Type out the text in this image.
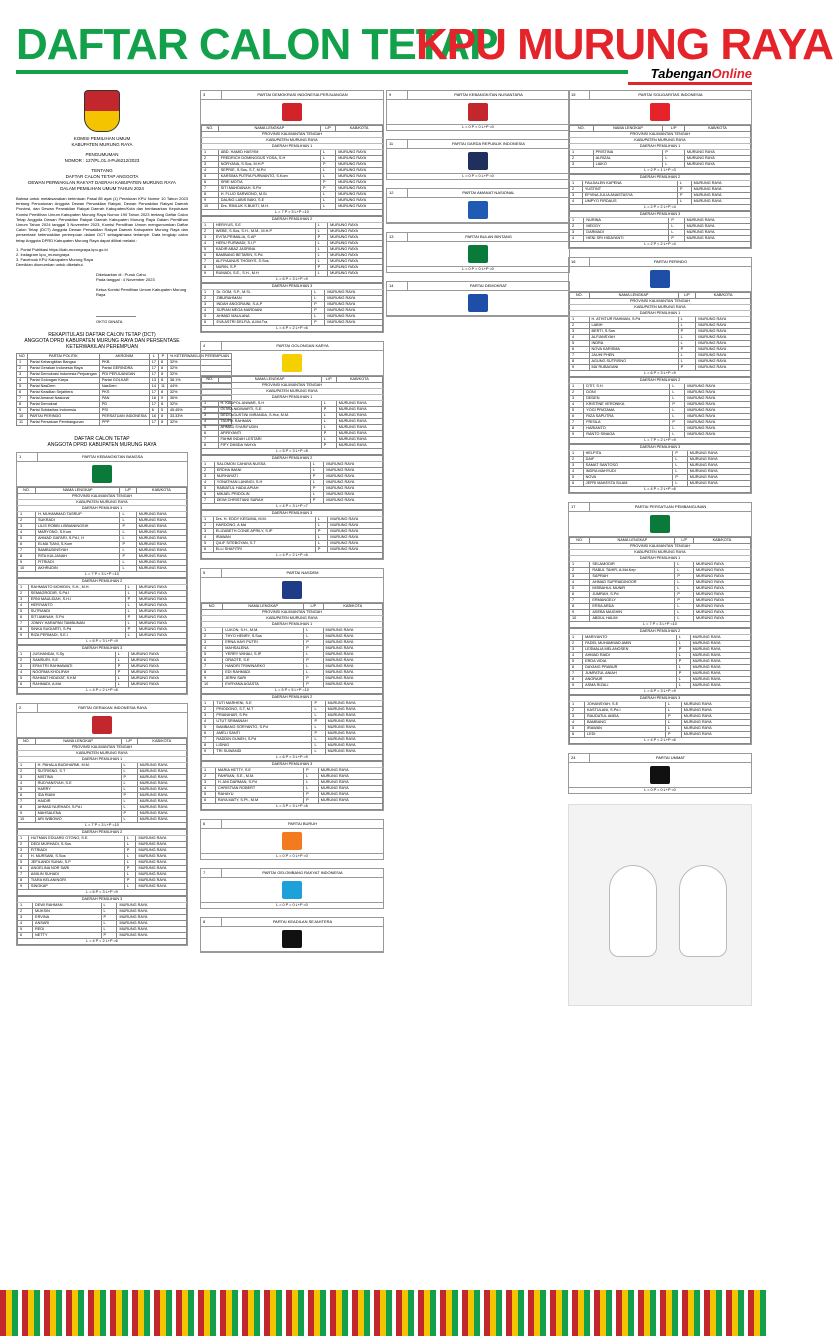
DAFTAR CALON TETAP
KPU MURUNG RAYA
TabenganOnline
KOMISI PEMILIHAN UMUM
KABUPATEN MURUNG RAYA
PENGUMUMAN
NOMOR : 127/PL.01.4-Pu/6212/2023
TENTANG
DAFTAR CALON TETAP ANGGOTA
DEWAN PERWAKILAN RAKYAT DAERAH KABUPATEN MURUNG RAYA
DALAM PEMILIHAN UMUM TAHUN 2024
Bahwa untuk melaksanakan ketentuan Pasal 85 ayat (1) Peraturan KPU Nomor 10 Tahun 2023 tentang Pencalonan Anggota Dewan Perwakilan Rakyat, Dewan Perwakilan Rakyat Daerah Provinsi, dan Dewan Perwakilan Rakyat Daerah Kabupaten/Kota dan berdasarkan Keputusan Komisi Pemilihan Umum Kabupaten Murung Raya Nomor 190 Tahun 2023 tentang Daftar Calon Tetap Anggota Dewan Perwakilan Rakyat Daerah Kabupaten Murung Raya Dalam Pemilihan Umum Tahun 2024 tanggal 3 November 2023, Komisi Pemilihan Umum mengumumkan Daftar Calon Tetap (DCT) Anggota Dewan Perwakilan Rakyat Daerah Kabupaten Murung Raya dan persentase keterwakilan perempuan dalam DCT sebagaimana terlampir. Data lengkap calon tetap Anggota DPRD Kabupaten Murung Raya dapat dilihat melalui :
1. Portal Publikasi https://kab-murungraya.kpu.go.id
2. Instagram kpu_murungraya
3. Facebook KPU Kabupaten Murung Raya
Demikian diumumkan untuk diketahui.
Dikeluarkan di : Puruk Cahu
Pada tanggal : 4 November 2023
Ketua Komisi Pemilihan Umum Kabupaten Murung Raya
OKTO DINATA
REKAPITULASI DAFTAR CALON TETAP (DCT)
ANGGOTA DPRD KABUPATEN MURUNG RAYA DAN PERSENTASE KETERWAKILAN PEREMPUAN
NO	PARTAI POLITIK	AKRONIM	L	P	% KETERWAKILAN PEREMPUAN
1	Partai Kebangkitan Bangsa	PKB	17	8	32%
2	Partai Gerakan Indonesia Raya	Partai GERINDRA	17	8	32%
3	Partai Demokrasi Indonesia Perjuangan	PDI PERJUANGAN	17	8	32%
4	Partai Golongan Karya	Partai GOLKAR	13	8	38.1%
5	Partai NasDem	NasDem	14	11	44%
6	Partai Keadilan Sejahtera	PKS	17	8	32%
7	Partai Amanat Nasional	PAN	16	9	36%
8	Partai Demokrat	PD	17	8	32%
9	Partai Solidaritas Indonesia	PSI	6	5	45.45%
10	PARTAI PERINDO	PERSATUAN INDONESIA	16	8	33.33%
11	Partai Persatuan Pembangunan	PPP	17	8	32%
DAFTAR CALON TETAP
ANGGOTA DPRD KABUPATEN MURUNG RAYA
1	PARTAI KEBANGKITAN BANGSA
NO.	NAMA LENGKAP	L/P	KAB/KOTA
PROVINSI KALIMANTAN TENGAH			
KABUPATEN MURUNG RAYA			
DAERAH PEMILIHAN 1			
1	H. MUHAMMAD TASRUP	L	MURUNG RAYA
2	SUKRADI	L	MURUNG RAYA
3	LILIS ROBBI LISBIANINGSIH	P	MURUNG RAYA
4	MARYONO, S.Kom	L	MURUNG RAYA
5	AHMAD GAFARI, S.Pd.I, H	L	MURUNG RAYA
6	ELMA TIANI, S.Kom	P	MURUNG RAYA
7	BAMBUDINSYAH	L	MURUNG RAYA
8	RITA KULJANAH	P	MURUNG RAYA
9	FITRIADI	L	MURUNG RAYA
10	AKHRUDIN	L	MURUNG RAYA
L = 7 P = 3 L+P =10			
DAERAH PEMILIHAN 2			
1	RAHMANTO MOHIDIN, S.H., M.H.	L	MURUNG RAYA
2	SEMAGRODIR, S.Pd.I	L	MURUNG RAYA
3	ERNI MAULIDAH, S.H.I	P	MURUNG RAYA
4	HERIYANTO	L	MURUNG RAYA
5	SUTRANDI	L	MURUNG RAYA
6	SITI AMINAH, S.Pd	P	MURUNG RAYA
7	JONNY HARAPAN TAMBUNAN	L	MURUNG RAYA
8	SINKA SUGIARTI, S.Pd	P	MURUNG RAYA
9	RIZA PERMADI, S.E.I	L	MURUNG RAYA
L = 6 P = 3 L+P =9			
DAERAH PEMILIHAN 3			
1	JUSHANDAI, S.Sy	L	MURUNG RAYA
2	SAMSURI, S.E	L	MURUNG RAYA
3	ERNI TRI RAHMAWATI	P	MURUNG RAYA
4	NOORMA KHOLIFAH	P	MURUNG RAYA
5	RAHMAT HIDAYAT, S.KM	L	MURUNG RAYA
6	RAHMADI, A.Md	L	MURUNG RAYA
L = 4 P = 2 L+P =6			
2	PARTAI GERAKAN INDONESIA RAYA
NO.	NAMA LENGKAP	L/P	KAB/KOTA
PROVINSI KALIMANTAN TENGAH			
KABUPATEN MURUNG RAYA			
DAERAH PEMILIHAN 1			
1	H. PAHALA BUDIHARMI, M.M.	L	MURUNG RAYA
2	SUTRISNO, S.T	L	MURUNG RAYA
3	MISTINA	P	MURUNG RAYA
4	RUDYANSYAH, S.E	L	MURUNG RAYA
5	HARRY	L	MURUNG RAYA
6	IDA RIANI	P	MURUNG RAYA
7	HAIDIR	L	MURUNG RAYA
8	AHMAD NURHADI, S.Pd.I	L	MURUNG RAYA
9	MAHSALENA	P	MURUNG RAYA
10	ARI WIBOWO	L	MURUNG RAYA
L = 7 P = 3 L+P =10			
DAERAH PEMILIHAN 2			
1	HUTMAN EDUARD OTONG, S.E.	L	MURUNG RAYA
2	DEDI MURHADI, S.Sos	L	MURUNG RAYA
3	FITRIADI	P	MURUNG RAYA
4	H. MURSANI, S.Sos	L	MURUNG RAYA
5	JEFILANDI SUNAI, S.P	L	MURUNG RAYA
6	ANGELINA NOR SARI	P	MURUNG RAYA
7	AMILIN SUHADI	L	MURUNG RAYA
8	TIARA KELANINGRI	P	MURUNG RAYA
9	SINGKAP	L	MURUNG RAYA
L = 6 P = 3 L+P =9			
DAERAH PEMILIHAN 3			
1	DEWI RAHMAN	L	MURUNG RAYA
2	MUKSIN	L	MURUNG RAYA
3	ERVINA	P	MURUNG RAYA
4	ANSARI	L	MURUNG RAYA
5	REDI	L	MURUNG RAYA
6	NETTY	P	MURUNG RAYA
L = 4 P = 2 L+P =6			
3	PARTAI DEMOKRASI INDONESIA PERJUANGAN
NO.	NAMA LENGKAP	L/P	KAB/KOTA
PROVINSI KALIMANTAN TENGAH			
KABUPATEN MURUNG RAYA			
DAERAH PEMILIHAN 1			
1	ABD. HAMID HASYIM	L	MURUNG RAYA
2	FREDRICH DOMINGGUS YOSA, S.H	L	MURUNG RAYA
3	NORYANA, S.Sos, M.H.P	P	MURUNG RAYA
4	SEPRIE, S.Sos, S.T, M.Pd	L	MURUNG RAYA
5	KARSIMA PUTRA PURWANTO, S.Kom	L	MURUNG RAYA
6	SRIE MOTIA	P	MURUNG RAYA
7	SITI MAHDANAH, S.Pd	P	MURUNG RAYA
8	H. FLUO SARWONO, M.Si.	L	MURUNG RAYA
9	DAUNG LABIS BAKI, S.E	L	MURUNG RAYA
10	Drs. RIMLUK S.BUKTI, M.H.	L	MURUNG RAYA
L = 7 P = 3 L+P =10			
DAERAH PEMILIHAN 2			
1	HERIYUS, S.E	L	MURUNG RAYA
2	WEBE, S.Sos, S.H., M.M., M.H.P	L	MURUNG RAYA
3	EVITA PRIMALIA, S.AP	P	MURUNG RAYA
4	HERU PURWADI, S.I.P	L	MURUNG RAYA
5	KADIR ABAZ JASRINA	L	MURUNG RAYA
6	BAMBANG BETARIN, S.Pd.	L	MURUNG RAYA
7	ALFIYAANUS THOMYS, S.Sos	L	MURUNG RAYA
8	NURIN, S.P	P	MURUNG RAYA
9	RUMADI, S.E., S.H., M.H	L	MURUNG RAYA
L = 6 P = 3 L+P =9			
DAERAH PEMILIHAN 3			
1	Dr. DOM, S.P., M.Si.	L	MURUNG RAYA
2	ZIBURAHMAN	L	MURUNG RAYA
3	INDAH ANGGRAINI, S.A.P	P	MURUNG RAYA
4	SUPIAN MEGA MARDIANI	P	MURUNG RAYA
5	AHMAD MAULANA	L	MURUNG RAYA
6	EVA ASTRI DELFIA, A.Md.Tra	P	MURUNG RAYA
L = 4 P = 2 L+P =6			
4	PARTAI GOLONGAN KARYA
NO.	NAMA LENGKAP	L/P	KAB/KOTA
PROVINSI KALIMANTAN TENGAH			
KABUPATEN MURUNG RAYA			
DAERAH PEMILIHAN 1			
1	H. KAOPOL ANWAR, S.H	L	MURUNG RAYA
2	OLIVIA NIDIWARTI, S.E.	P	MURUNG RAYA
3	DEDI AGUSTINI MIRANDA, S.Hut, M.M.	L	MURUNG RAYA
4	TAUFIK RAHMAN	L	MURUNG RAYA
5	AHMAD SYARIFUDIN	L	MURUNG RAYA
6	AFIRIYANTI	P	MURUNG RAYA
7	FAHMI INDAH LESTARI	L	MURUNG RAYA
8	FIFY DIMIDA YAHYA	P	MURUNG RAYA
L = 5 P = 3 L+P =8			
DAERAH PEMILIHAN 2			
1	SALOMON CAHAYA NUSSA	L	MURUNG RAYA
2	ERDHA IMANI	L	MURUNG RAYA
3	NURHAYATI	P	MURUNG RAYA
4	YONATHAN LANINGI, S.H	L	MURUNG RAYA
5	RABIATUL HADA APIAH	P	MURUNG RAYA
6	MIKAEL PRIDOLIN	L	MURUNG RAYA
7	DEWI CHRISTIANI SARAH	P	MURUNG RAYA
L = 4 P = 3 L+P =7			
DAERAH PEMILIHAN 3			
1	Drs. H. EDDY KESUMA, M.M.	L	MURUNG RAYA
2	HARDONO, A.Md	L	MURUNG RAYA
3	ELIZABETH CONIE APRILY, S.IP	P	MURUNG RAYA
4	IRAWAN	L	MURUNG RAYA
5	QILIF SITEBOYAN, S.T	L	MURUNG RAYA
6	ELLI SHAFITRI	P	MURUNG RAYA
L = 4 P = 2 L+P =6			
5	PARTAI NASDEM
NO.	NAMA LENGKAP	L/P	KAB/KOTA
PROVINSI KALIMANTAN TENGAH			
KABUPATEN MURUNG RAYA			
DAERAH PEMILIHAN 1			
1	LUKON, S.H., M.M.	L	MURUNG RAYA
2	THYO HENRY, S.Sos	L	MURUNG RAYA
3	ERNA HAYI PUTRI	P	MURUNG RAYA
4	MAHSALENA	P	MURUNG RAYA
5	YERRY WIHAU, S.IP	L	MURUNG RAYA
6	ORAOTE, S.E	P	MURUNG RAYA
7	HANDRI TRIWINARKO	L	MURUNG RAYA
8	EDI RAHMADI	L	MURUNG RAYA
9	JERNI SARI	P	MURUNG RAYA
10	EVRYANA AGASTA	P	MURUNG RAYA
L = 5 P = 5 L+P =10			
DAERAH PEMILIHAN 2			
1	TUTI MARHENI, S.E	P	MURUNG RAYA
2	PRIODONO, S.T, M.T	L	MURUNG RAYA
3	PRIANIHAR, S.Pd	L	MURUNG RAYA
4	UTUT SRIMANAH	P	MURUNG RAYA
5	BAMBANG SORYANTO, S.Pd	L	MURUNG RAYA
6	AMELI SANTI	P	MURUNG RAYA
7	RADDIN GUNEH, S.Pd	L	MURUNG RAYA
8	LIDNIG	L	MURUNG RAYA
9	TRI SUWANDI	L	MURUNG RAYA
L = 6 P = 3 L+P =9			
DAERAH PEMILIHAN 3			
1	MARIA HETTY, S.E	P	MURUNG RAYA
2	FAHRIAN, S.E., M.M.	L	MURUNG RAYA
3	H. ANI DARMAN, S.Pd	L	MURUNG RAYA
4	CHRISTIAN ROBERT	L	MURUNG RAYA
5	RAHAYU	P	MURUNG RAYA
6	RAYA MATY, S.Pt., M.M	P	MURUNG RAYA
L = 3 P = 3 L+P =6			
6	PARTAI BURUH
L = 0 P = 0 L+P =0
7	PARTAI GELOMBANG RAKYAT INDONESIA
L = 0 P = 0 L+P =0
8	PARTAI KEADILAN SEJAHTERA
9	PARTAI KEBANGKITAN NUSANTARA
L = 0 P = 0 L+P =0
11	PARTAI GARDA REPUBLIK INDONESIA
L = 0 P = 0 L+P =0
12	PARTAI AMANAT NASIONAL
13	PARTAI BULAN BINTANG
L = 0 P = 0 L+P =0
14	PARTAI DEMOKRAT
15	PARTAI SOLIDARITAS INDONESIA
NO.	NAMA LENGKAP	L/P	KAB/KOTA
PROVINSI KALIMANTAN TENGAH			
KABUPATEN MURUNG RAYA			
DAERAH PEMILIHAN 1			
1	PRISTINA	P	MURUNG RAYA
2	ALRIZAL	L	MURUNG RAYA
3	LAIKO	L	MURUNG RAYA
L = 2 P = 1 L+P =3			
DAERAH PEMILIHAN 2			
1	FAUJIALEN KAPENA	L	MURUNG RAYA
2	YUSTINT	P	MURUNG RAYA
3	EFVINA JULIA ANASTASYA	P	MURUNG RAYA
4	UMPYO FIRDAUS	L	MURUNG RAYA
L = 2 P = 2 L+P =4			
DAERAH PEMILIHAN 3			
1	NURINA	P	MURUNG RAYA
2	MEGGY	L	MURUNG RAYA
3	DARMADI	L	MURUNG RAYA
4	HENI SRI HIDAYANTI	P	MURUNG RAYA
L = 2 P = 2 L+P =4			
16	PARTAI PERINDO
NO.	NAMA LENGKAP	L/P	KAB/KOTA
PROVINSI KALIMANTAN TENGAH			
KABUPATEN MURUNG RAYA			
DAERAH PEMILIHAN 1			
1	H. ATHITUR RAHMAN, S.Pd	L	MURUNG RAYA
2	LABIH	L	MURUNG RAYA
3	BERTI, S.Sos	P	MURUNG RAYA
4	ALFIANSYAH	L	MURUNG RAYA
5	INDRA	L	MURUNG RAYA
6	NOVA KARISMA	P	MURUNG RAYA
7	JAUHI PHEN	L	MURUNG RAYA
8	AGUNG SUTRISNO	L	MURUNG RAYA
9	MA`RUBAGANI	P	MURUNG RAYA
L = 6 P = 3 L+P =9			
DAERAH PEMILIHAN 2			
1	DTIT, S.H	L	MURUNG RAYA
2	DONI	L	MURUNG RAYA
3	DEDEN	L	MURUNG RAYA
4	KRISTINE VERONIKA	P	MURUNG RAYA
5	YOGI PRATAMA	L	MURUNG RAYA
6	RIZA SAPUTRA	L	MURUNG RAYA
7	FRISILA	P	MURUNG RAYA
8	HARIANTO	L	MURUNG RAYA
9	RANTO SINAGA	L	MURUNG RAYA
L = 7 P = 2 L+P =9			
DAERAH PEMILIHAN 3			
1	HELPITA	P	MURUNG RAYA
2	DAIF	L	MURUNG RAYA
3	SAMAT SANTOSO	L	MURUNG RAYA
4	INDRA MAHYUDI	L	MURUNG RAYA
5	NOVA	P	MURUNG RAYA
6	JEFRI MAKESTA SILAM	L	MURUNG RAYA
L = 4 P = 2 L+P =6			
17	PARTAI PERSATUAN PEMBANGUNAN
NO.	NAMA LENGKAP	L/P	KAB/KOTA
PROVINSI KALIMANTAN TENGAH			
KABUPATEN MURUNG RAYA			
DAERAH PEMILIHAN 1			
1	SELAMODIR	L	MURUNG RAYA
2	RABUL TAHIR, A.Md.Kep	L	MURUNG RAYA
3	SAPRAH	P	MURUNG RAYA
4	AHMAD SUPRIADINOOR	L	MURUNG RAYA
5	MISBAHUL MUNIR	L	MURUNG RAYA
6	JUMRAH, S.Pd	P	MURUNG RAYA
7	ERMANGELY	P	MURUNG RAYA
8	ERSA ARDA	L	MURUNG RAYA
9	ASEBA MAIGHIN	L	MURUNG RAYA
10	ABDUL HALIM	L	MURUNG RAYA
L = 7 P = 3 L+P =10			
DAERAH PEMILIHAN 2			
1	MARIYANTO	L	MURUNG RAYA
2	FADEL MUHAMMAD AMIN	L	MURUNG RAYA
3	LESMALIA MELANOSEN	P	MURUNG RAYA
4	AHMAD RAIDI	L	MURUNG RAYA
5	ERDA VIDIA	P	MURUNG RAYA
6	DAYANG PRABUR	L	MURUNG RAYA
7	JUMFATUL ANIAH	P	MURUNG RAYA
8	ANORAIR	L	MURUNG RAYA
9	ASMA RIZALI	L	MURUNG RAYA
L = 6 P = 3 L+P =9			
DAERAH PEMILIHAN 3			
1	JOHANSYAH, S.E	L	MURUNG RAYA
2	KASTULANI, S.Pd.I	L	MURUNG RAYA
3	RAUDATUL AMDA	P	MURUNG RAYA
4	BAMBANG	L	MURUNG RAYA
5	IRAWAN	L	MURUNG RAYA
6	LEDI	P	MURUNG RAYA
L = 4 P = 2 L+P =6			
24	PARTAI UMMAT
L = 0 P = 0 L+P =0
